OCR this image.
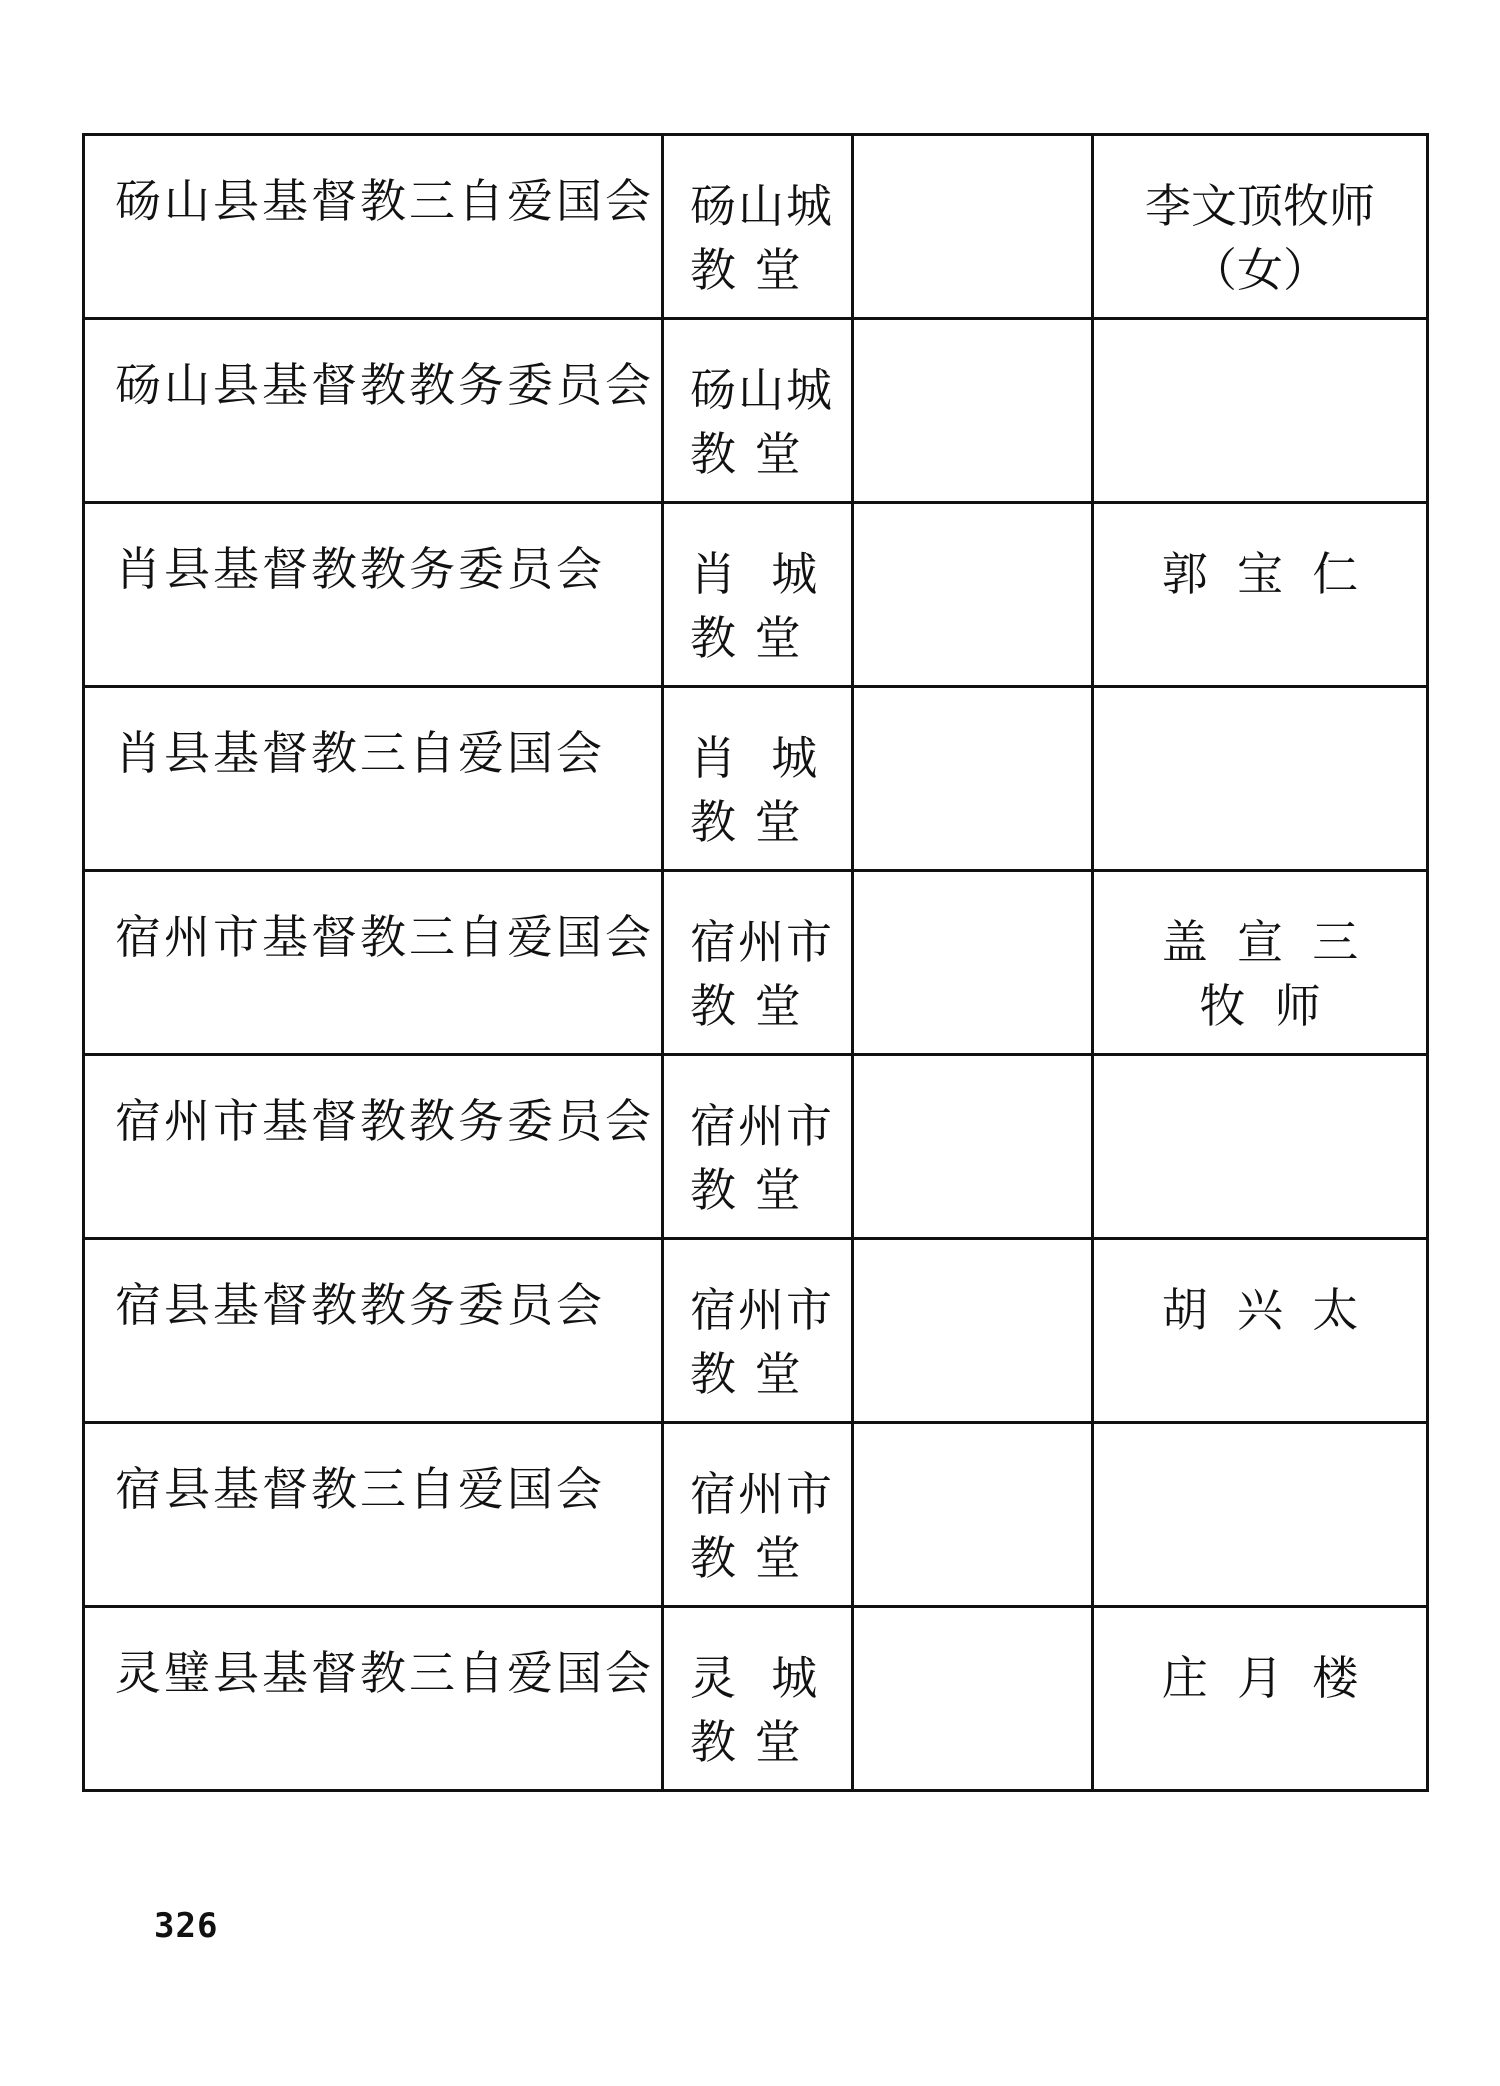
砀山县基督教三自爱国会	砀山城
教 堂		李文顶牧师
（女）

砀山县基督教教务委员会	砀山城
教 堂		

肖县基督教教务委员会	肖  城
教 堂		郭  宝  仁

肖县基督教三自爱国会	肖  城
教 堂		

宿州市基督教三自爱国会	宿州市
教 堂		盖  宣  三
牧  师

宿州市基督教教务委员会	宿州市
教 堂		

宿县基督教教务委员会	宿州市
教 堂		胡  兴  太

宿县基督教三自爱国会	宿州市
教 堂		

灵璧县基督教三自爱国会	灵  城
教 堂		庄  月  楼
326
